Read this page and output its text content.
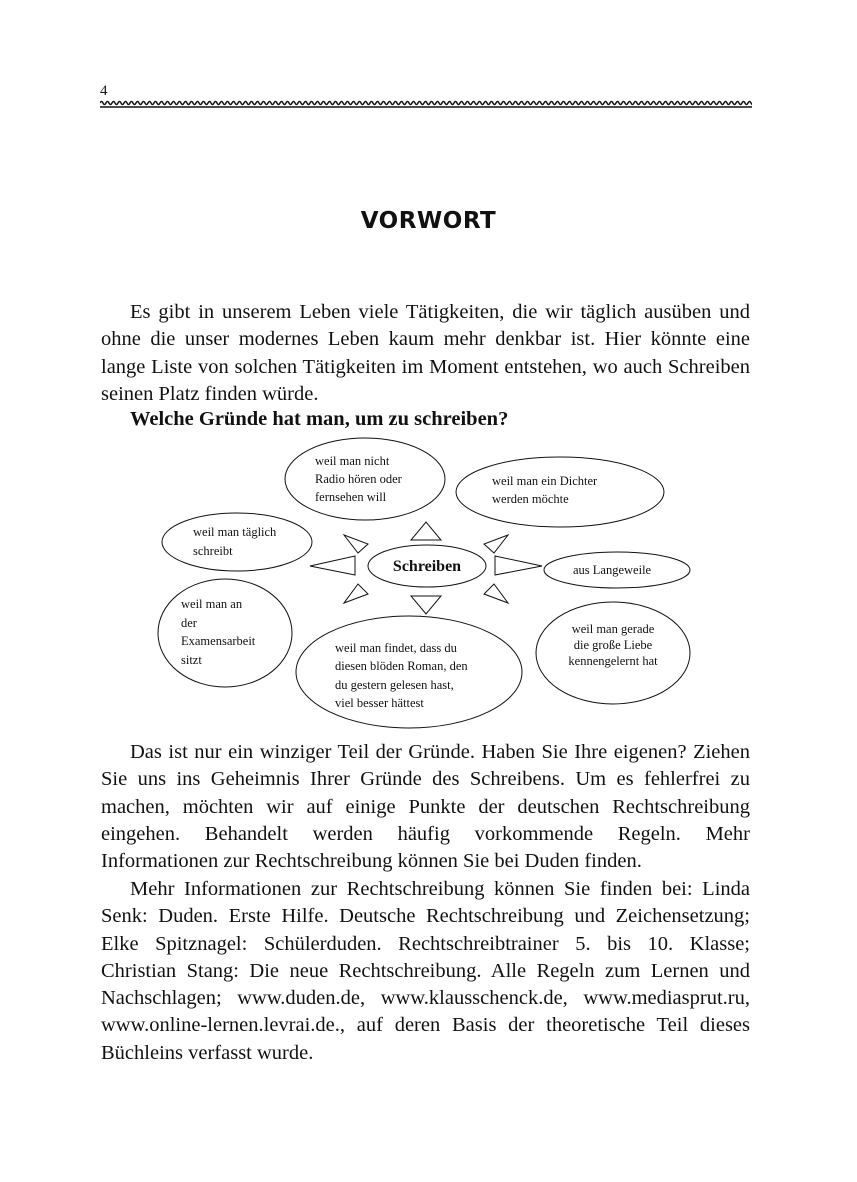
4
VORWORT

Es gibt in unserem Leben viele Tätigkeiten, die wir täglich ausüben und ohne die unser modernes Leben kaum mehr denkbar ist. Hier könnte eine lange Liste von solchen Tätigkeiten im Moment entstehen, wo auch Schreiben seinen Platz finden würde.

Welche Gründe hat man, um zu schreiben?

weil man nicht
Radio hören oder
fernsehen will
weil man ein Dichter
werden möchte
weil man täglich
schreibt
aus Langeweile
weil man an
der
Examensarbeit
sitzt
weil man gerade
die große Liebe
kennengelernt hat
weil man findet, dass du
diesen blöden Roman, den
du gestern gelesen hast,
viel besser hättest
Schreiben

Das ist nur ein winziger Teil der Gründe. Haben Sie Ihre eigenen? Ziehen Sie uns ins Geheimnis Ihrer Gründe des Schreibens. Um es fehlerfrei zu machen, möchten wir auf einige Punkte der deutschen Rechtschreibung eingehen. Behandelt werden häufig vorkommende Regeln. Mehr Informationen zur Rechtschreibung können Sie bei Duden finden.

Mehr Informationen zur Rechtschreibung können Sie finden bei: Linda Senk: Duden. Erste Hilfe. Deutsche Rechtschreibung und Zeichensetzung; Elke Spitznagel: Schülerduden. Rechtschreibtrainer 5. bis 10. Klasse; Christian Stang: Die neue Rechtschreibung. Alle Regeln zum Lernen und Nachschlagen; www.duden.de, www.klausschenck.de, www.mediasprut.ru, www.online-lernen.levrai.de., auf deren Basis der theoretische Teil dieses Büchleins verfasst wurde.
